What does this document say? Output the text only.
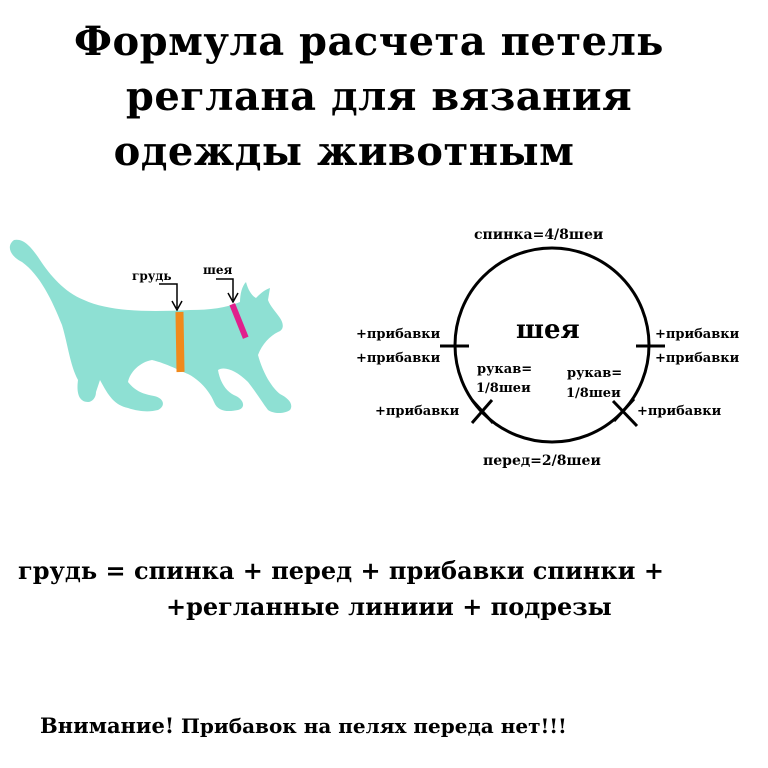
Формула расчета петель
реглана для вязания
одежды животным
грудь	шея
спинка=4/8шеи
перед=2/8шеи
шея
+прибавки
+прибавки
+прибавки
+прибавки
+прибавки	+прибавки
рукав=
1/8шеи
рукав=
1/8шеи
грудь = спинка + перед + прибавки спинки +
+регланные линиии + подрезы
Внимание! Прибавок на пелях переда нет!!!
